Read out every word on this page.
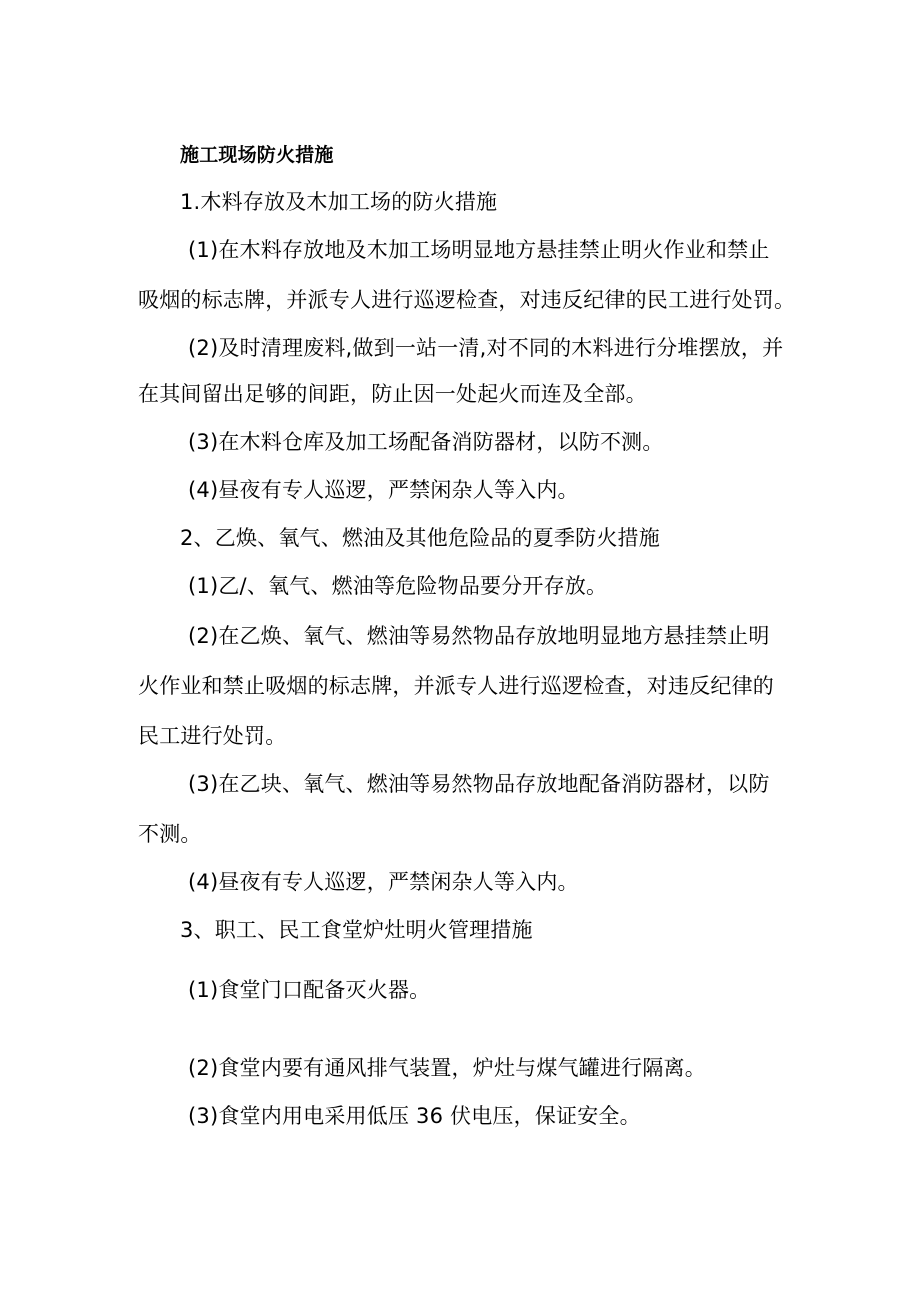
施工现场防火措施
1.木料存放及木加工场的防火措施
(1)在木料存放地及木加工场明显地方悬挂禁止明火作业和禁止
吸烟的标志牌，并派专人进行巡逻检查，对违反纪律的民工进行处罚。
(2)及时清理废料,做到一站一清,对不同的木料进行分堆摆放，并
在其间留出足够的间距，防止因一处起火而连及全部。
(3)在木料仓库及加工场配备消防器材，以防不测。
(4)昼夜有专人巡逻，严禁闲杂人等入内。
2、乙焕、氧气、燃油及其他危险品的夏季防火措施
(1)乙/、氧气、燃油等危险物品要分开存放。
(2)在乙焕、氧气、燃油等易然物品存放地明显地方悬挂禁止明
火作业和禁止吸烟的标志牌，并派专人进行巡逻检查，对违反纪律的
民工进行处罚。
(3)在乙块、氧气、燃油等易然物品存放地配备消防器材，以防
不测。
(4)昼夜有专人巡逻，严禁闲杂人等入内。
3、职工、民工食堂炉灶明火管理措施
(1)食堂门口配备灭火器。
(2)食堂内要有通风排气装置，炉灶与煤气罐进行隔离。
(3)食堂内用电采用低压 36 伏电压，保证安全。
